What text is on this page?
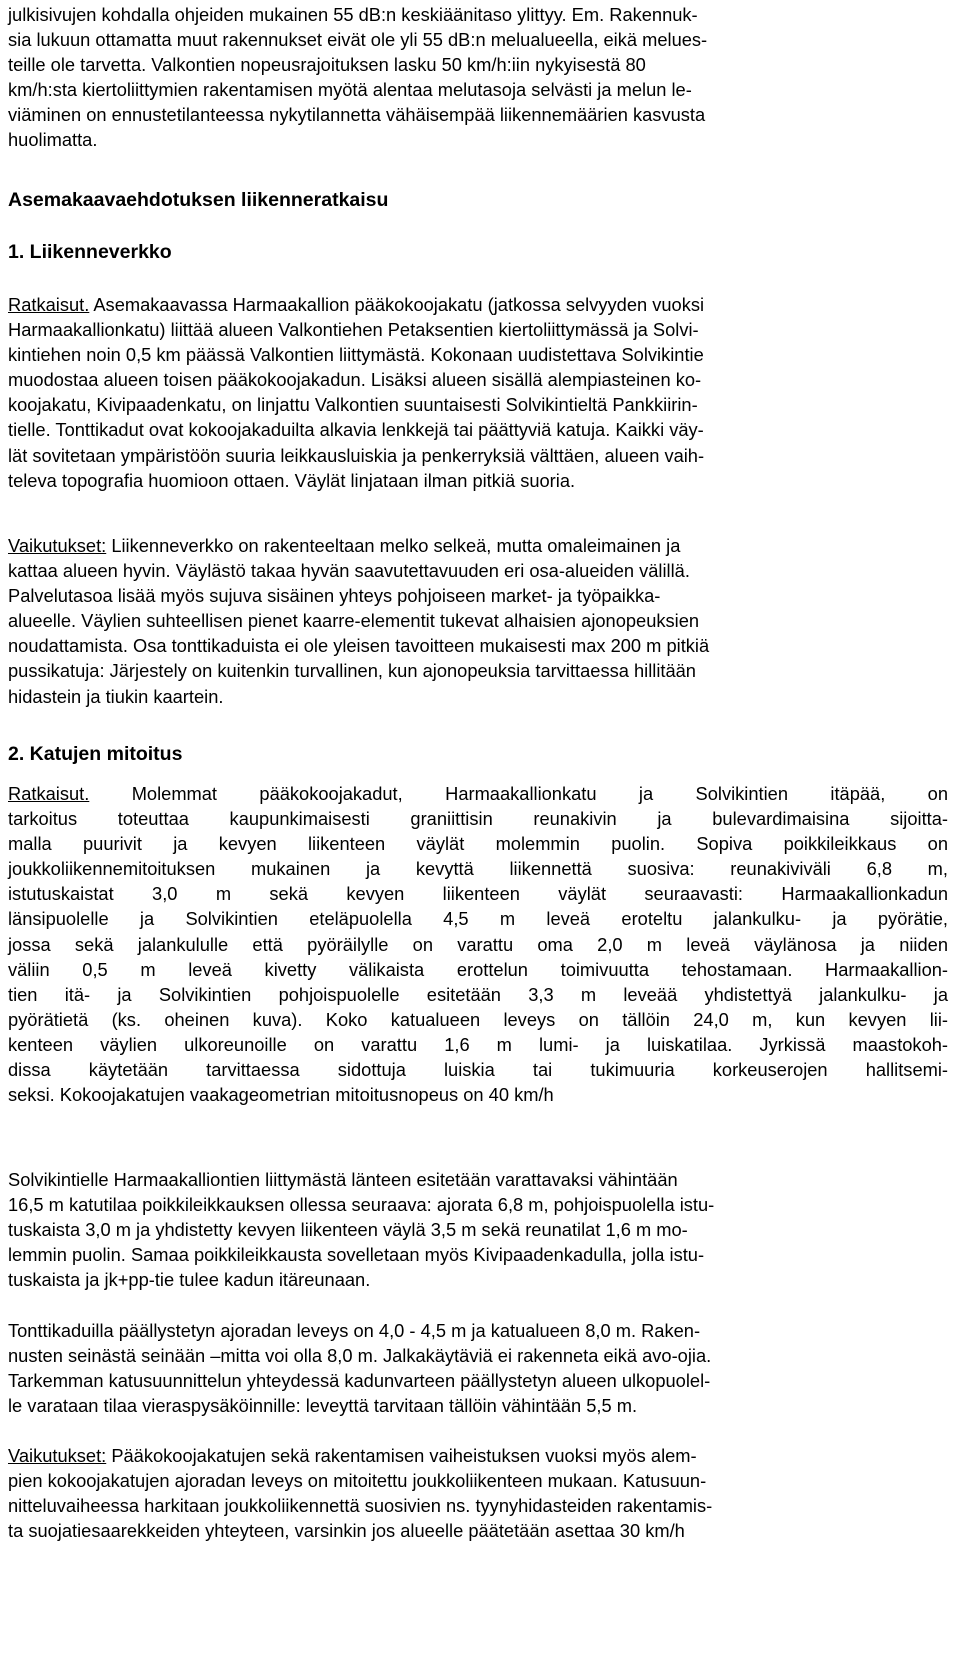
julkisivujen kohdalla ohjeiden mukainen 55 dB:n keskiäänitaso ylittyy. Em. Rakennuk-
sia lukuun ottamatta muut rakennukset eivät ole yli 55 dB:n melualueella, eikä melues-
teille ole tarvetta. Valkontien nopeusrajoituksen lasku 50 km/h:iin nykyisestä 80
km/h:sta kiertoliittymien rakentamisen myötä alentaa melutasoja selvästi ja melun le-
viäminen on ennustetilanteessa nykytilannetta vähäisempää liikennemäärien kasvusta
huolimatta.
Asemakaavaehdotuksen liikenneratkaisu
1. Liikenneverkko
Ratkaisut. Asemakaavassa Harmaakallion pääkokoojakatu (jatkossa selvyyden vuoksi
Harmaakallionkatu) liittää alueen Valkontiehen Petaksentien kiertoliittymässä ja Solvi-
kintiehen noin 0,5 km päässä Valkontien liittymästä. Kokonaan uudistettava Solvikintie
muodostaa alueen toisen pääkokoojakadun. Lisäksi alueen sisällä alempiasteinen ko-
koojakatu, Kivipaadenkatu, on linjattu Valkontien suuntaisesti Solvikintieltä Pankkiirin-
tielle. Tonttikadut ovat kokoojakaduilta alkavia lenkkejä tai päättyviä katuja. Kaikki väy-
lät sovitetaan ympäristöön suuria leikkausluiskia ja penkerryksiä välttäen, alueen vaih-
televa topografia huomioon ottaen. Väylät linjataan ilman pitkiä suoria.
Vaikutukset: Liikenneverkko on rakenteeltaan melko selkeä, mutta omaleimainen ja
kattaa alueen hyvin. Väylästö takaa hyvän saavutettavuuden eri osa-alueiden välillä.
Palvelutasoa lisää myös sujuva sisäinen yhteys pohjoiseen market- ja työpaikka-
alueelle. Väylien suhteellisen pienet kaarre-elementit tukevat alhaisien ajonopeuksien
noudattamista. Osa tonttikaduista ei ole yleisen tavoitteen mukaisesti max 200 m pitkiä
pussikatuja: Järjestely on kuitenkin turvallinen, kun ajonopeuksia tarvittaessa hillitään
hidastein ja tiukin kaartein.
2. Katujen mitoitus
Ratkaisut. Molemmat pääkokoojakadut, Harmaakallionkatu ja Solvikintien itäpää, on
tarkoitus toteuttaa kaupunkimaisesti graniittisin reunakivin ja bulevardimaisina sijoitta-
malla puurivit ja kevyen liikenteen väylät molemmin puolin. Sopiva poikkileikkaus on
joukkoliikennemitoituksen mukainen ja kevyttä liikennettä suosiva: reunakiviväli 6,8 m,
istutuskaistat 3,0 m sekä kevyen liikenteen väylät seuraavasti: Harmaakallionkadun
länsipuolelle ja Solvikintien eteläpuolella 4,5 m leveä eroteltu jalankulku- ja pyörätie,
jossa sekä jalankululle että pyöräilylle on varattu oma 2,0 m leveä väylänosa ja niiden
väliin 0,5 m leveä kivetty välikaista erottelun toimivuutta tehostamaan. Harmaakallion-
tien itä- ja Solvikintien pohjoispuolelle esitetään 3,3 m leveää yhdistettyä jalankulku- ja
pyörätietä (ks. oheinen kuva). Koko katualueen leveys on tällöin 24,0 m, kun kevyen lii-
kenteen väylien ulkoreunoille on varattu 1,6 m lumi- ja luiskatilaa. Jyrkissä maastokoh-
dissa käytetään tarvittaessa sidottuja luiskia tai tukimuuria korkeuserojen hallitsemi-
seksi. Kokoojakatujen vaakageometrian mitoitusnopeus on 40 km/h
Solvikintielle Harmaakalliontien liittymästä länteen esitetään varattavaksi vähintään
16,5 m katutilaa poikkileikkauksen ollessa seuraava: ajorata 6,8 m, pohjoispuolella istu-
tuskaista 3,0 m ja yhdistetty kevyen liikenteen väylä 3,5 m sekä reunatilat 1,6 m mo-
lemmin puolin. Samaa poikkileikkausta sovelletaan myös Kivipaadenkadulla, jolla istu-
tuskaista ja jk+pp-tie tulee kadun itäreunaan.
Tonttikaduilla päällystetyn ajoradan leveys on 4,0 - 4,5 m ja katualueen 8,0 m. Raken-
nusten seinästä seinään –mitta voi olla 8,0 m. Jalkakäytäviä ei rakenneta eikä avo-ojia.
Tarkemman katusuunnittelun yhteydessä kadunvarteen päällystetyn alueen ulkopuolel-
le varataan tilaa vieraspysäköinnille: leveyttä tarvitaan tällöin vähintään 5,5 m.
Vaikutukset: Pääkokoojakatujen sekä rakentamisen vaiheistuksen vuoksi myös alem-
pien kokoojakatujen ajoradan leveys on mitoitettu joukkoliikenteen mukaan. Katusuun-
nitteluvaiheessa harkitaan joukkoliikennettä suosivien ns. tyynyhidasteiden rakentamis-
ta suojatiesaarekkeiden yhteyteen, varsinkin jos alueelle päätetään asettaa 30 km/h
